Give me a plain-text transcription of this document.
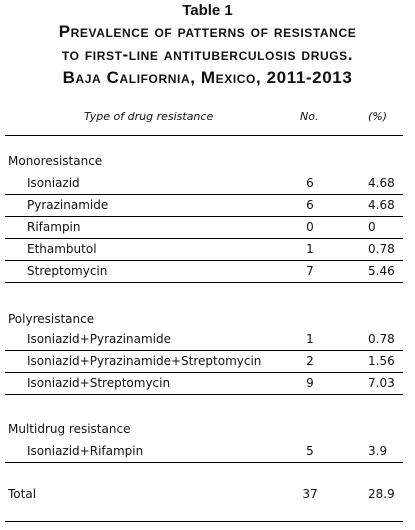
Table 1
Prevalence of patterns of resistance
to first-line antituberculosis drugs.
Baja California, Mexico, 2011-2013
Type of drug resistance	No.	(%)
Monoresistance
Isoniazid	6	4.68
Pyrazinamide	6	4.68
Rifampin	0	0
Ethambutol	1	0.78
Streptomycin	7	5.46
Polyresistance
Isoniazid+Pyrazinamide	1	0.78
Isoniazid+Pyrazinamide+Streptomycin	2	1.56
Isoniazid+Streptomycin	9	7.03
Multidrug resistance
Isoniazid+Rifampin	5	3.9
Total	37	28.9
